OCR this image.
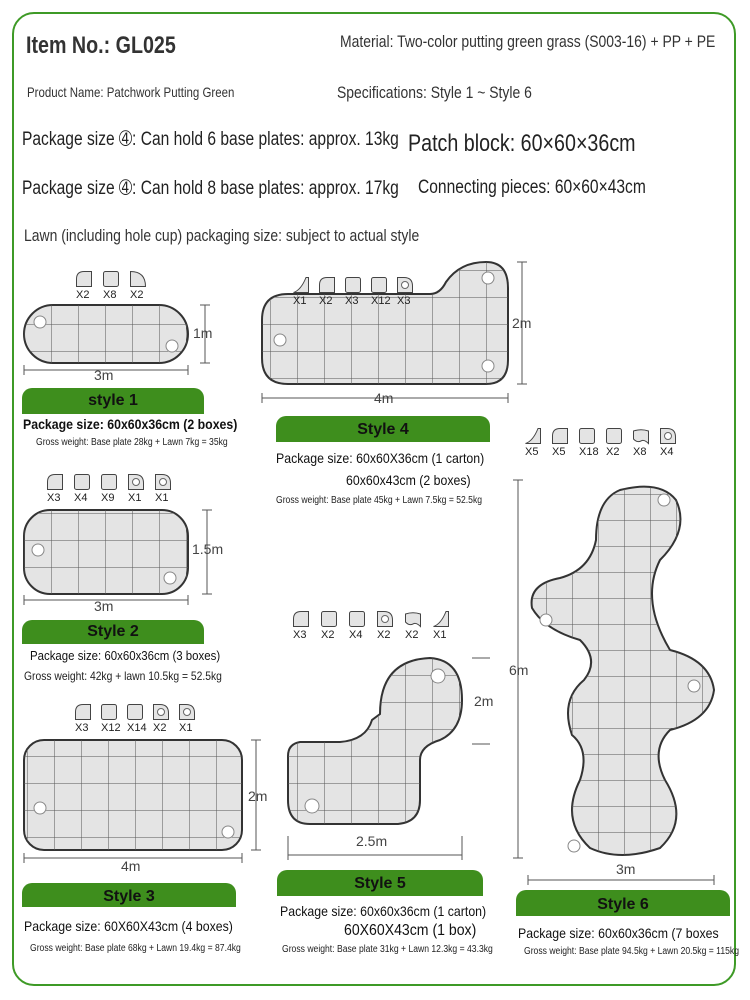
Item No.: GL025	Material: Two-color putting green grass (S003-16) + PP + PE
Product Name: Patchwork Putting Green	Specifications: Style 1 ~ Style 6
Package size ➃: Can hold 6 base plates: approx. 13kg Patch block: 60×60×36cm
Package size ➃: Can hold 8 base plates: approx. 17kg Connecting pieces: 60×60×43cm
Lawn (including hole cup) packaging size: subject to actual style
3m
1m
3m
1.5m
4m
2m
4m
2m
2.5m
2m
3m
6m
X2 X8 X2
X3 X4 X9 X1 X1
X3 X12 X14 X2 X1
X1 X2 X3 X12 X3
X3 X2 X4 X2 X2 X1
X5 X5 X18 X2 X8 X4
style 1
Package size: 60x60x36cm (2 boxes)
Gross weight: Base plate 28kg + Lawn 7kg = 35kg
Style 2
Package size: 60x60x36cm (3 boxes)
Gross weight: 42kg + lawn 10.5kg = 52.5kg
Style 3
Package size: 60X60X43cm (4 boxes)
Gross weight: Base plate 68kg + Lawn 19.4kg = 87.4kg
Style 4
Package size: 60x60X36cm (1 carton)
60x60x43cm (2 boxes)
Gross weight: Base plate 45kg + Lawn 7.5kg = 52.5kg
Style 5
Package size: 60x60x36cm (1 carton)
60X60X43cm (1 box)
Gross weight: Base plate 31kg + Lawn 12.3kg = 43.3kg
Style 6
Package size: 60x60x36cm (7 boxes
Gross weight: Base plate 94.5kg + Lawn 20.5kg = 115kg
